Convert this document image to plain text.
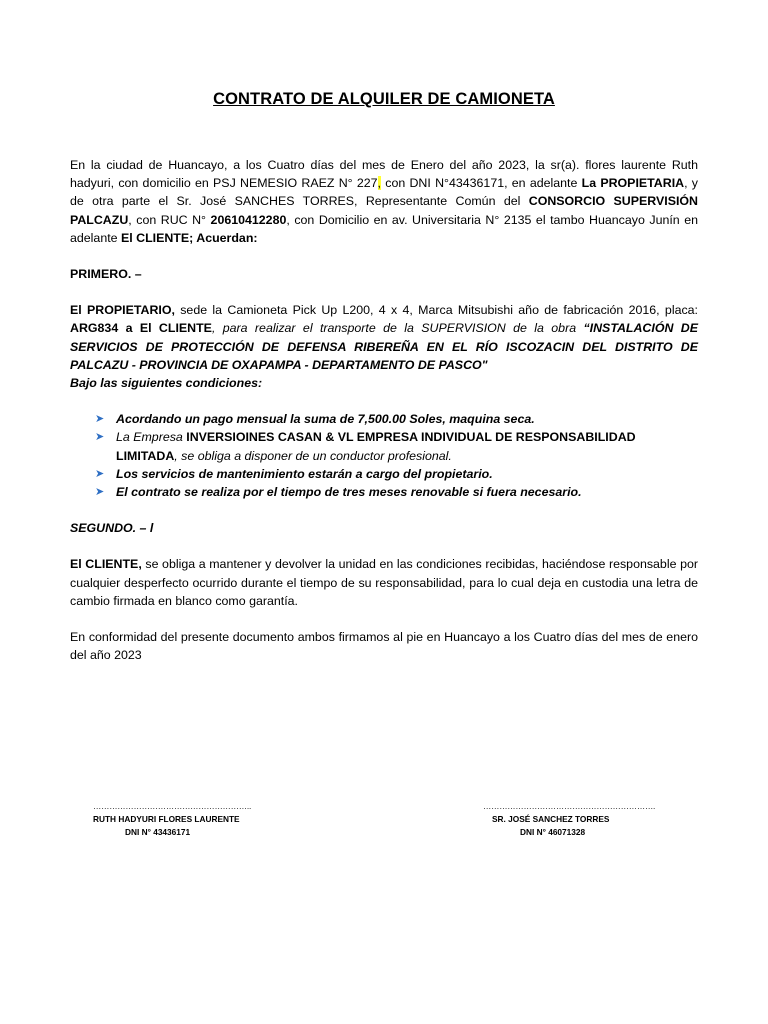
CONTRATO DE ALQUILER DE CAMIONETA

En la ciudad de Huancayo, a los Cuatro días del mes de Enero del año 2023, la sr(a). flores laurente Ruth hadyuri, con domicilio en PSJ NEMESIO RAEZ N° 227, con DNI N°43436171, en adelante La PROPIETARIA, y de otra parte el Sr. José SANCHES TORRES, Representante Común del CONSORCIO SUPERVISIÓN PALCAZU, con RUC N° 20610412280, con Domicilio en av. Universitaria N° 2135 el tambo Huancayo Junín en adelante El CLIENTE; Acuerdan:

PRIMERO. –

El PROPIETARIO, sede la Camioneta Pick Up L200, 4 x 4, Marca Mitsubishi año de fabricación 2016, placa: ARG834 a El CLIENTE, para realizar el transporte de la SUPERVISION de la obra “INSTALACIÓN DE SERVICIOS DE PROTECCIÓN DE DEFENSA RIBEREÑA EN EL RÍO ISCOZACIN DEL DISTRITO DE PALCAZU - PROVINCIA DE OXAPAMPA - DEPARTAMENTO DE PASCO"
Bajo las siguientes condiciones:

➤ Acordando un pago mensual la suma de 7,500.00 Soles, maquina seca.
➤ La Empresa INVERSIOINES CASAN & VL EMPRESA INDIVIDUAL DE RESPONSABILIDAD LIMITADA, se obliga a disponer de un conductor profesional.
➤ Los servicios de mantenimiento estarán a cargo del propietario.
➤ El contrato se realiza por el tiempo de tres meses renovable si fuera necesario.

SEGUNDO. – l

El CLIENTE, se obliga a mantener y devolver la unidad en las condiciones recibidas, haciéndose responsable por cualquier desperfecto ocurrido durante el tiempo de su responsabilidad, para lo cual deja en custodia una letra de cambio firmada en blanco como garantía.

En conformidad del presente documento ambos firmamos al pie en Huancayo a los Cuatro días del mes de enero del año 2023

…………………………………………………..
RUTH HADYURI FLORES LAURENTE
DNI N° 43436171
……………………………………………………….
SR. JOSÉ SANCHEZ TORRES
DNI N° 46071328
